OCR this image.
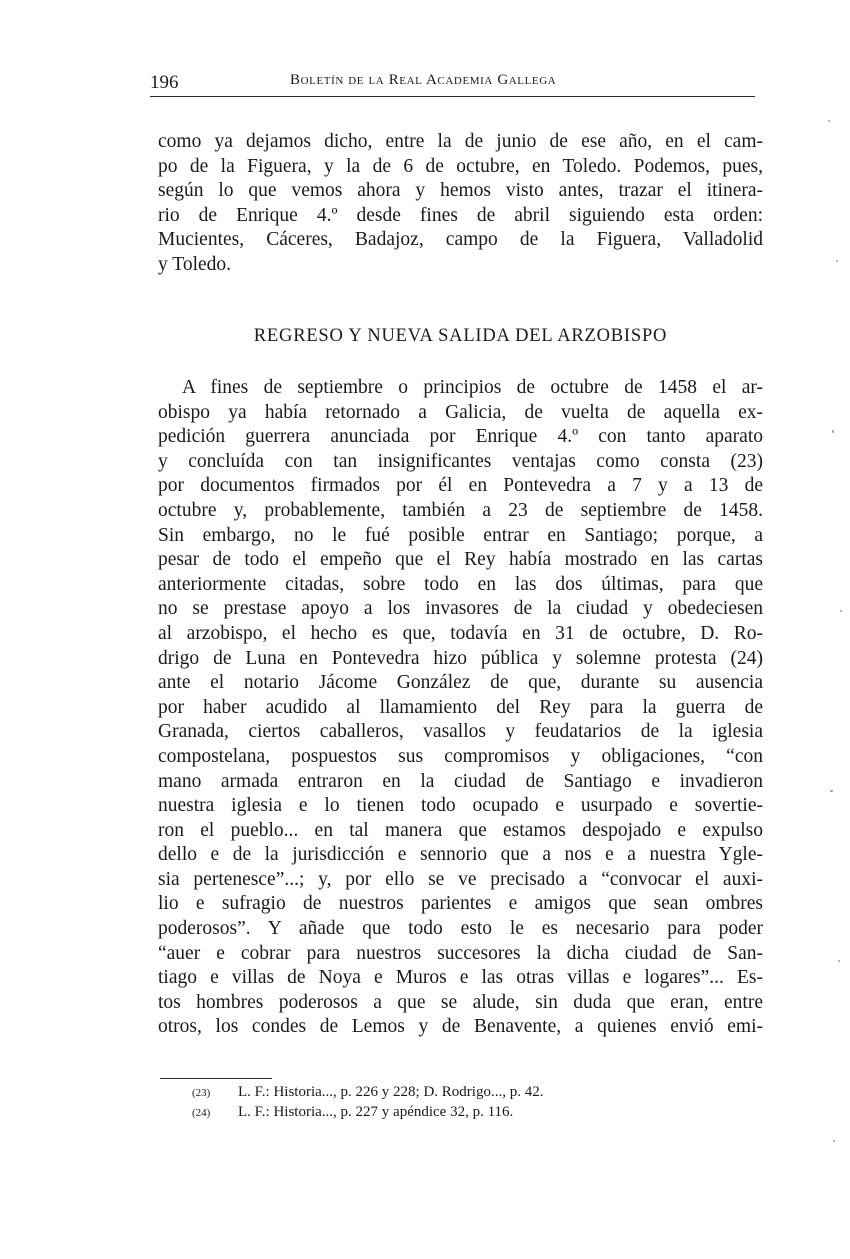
196	Boletín de la Real Academia Gallega
como ya dejamos dicho, entre la de junio de ese año, en el cam-
po de la Figuera, y la de 6 de octubre, en Toledo. Podemos, pues,
según lo que vemos ahora y hemos visto antes, trazar el itinera-
rio de Enrique 4.º desde fines de abril siguiendo esta orden:
Mucientes, Cáceres, Badajoz, campo de la Figuera, Valladolid
y Toledo.
REGRESO Y NUEVA SALIDA DEL ARZOBISPO
A fines de septiembre o principios de octubre de 1458 el ar-
obispo ya había retornado a Galicia, de vuelta de aquella ex-
pedición guerrera anunciada por Enrique 4.º con tanto aparato
y concluída con tan insignificantes ventajas como consta (23)
por documentos firmados por él en Pontevedra a 7 y a 13 de
octubre y, probablemente, también a 23 de septiembre de 1458.
Sin embargo, no le fué posible entrar en Santiago; porque, a
pesar de todo el empeño que el Rey había mostrado en las cartas
anteriormente citadas, sobre todo en las dos últimas, para que
no se prestase apoyo a los invasores de la ciudad y obedeciesen
al arzobispo, el hecho es que, todavía en 31 de octubre, D. Ro-
drigo de Luna en Pontevedra hizo pública y solemne protesta (24)
ante el notario Jácome González de que, durante su ausencia
por haber acudido al llamamiento del Rey para la guerra de
Granada, ciertos caballeros, vasallos y feudatarios de la iglesia
compostelana, pospuestos sus compromisos y obligaciones, “con
mano armada entraron en la ciudad de Santiago e invadieron
nuestra iglesia e lo tienen todo ocupado e usurpado e sovertie-
ron el pueblo... en tal manera que estamos despojado e expulso
dello e de la jurisdicción e sennorio que a nos e a nuestra Ygle-
sia pertenesce”...; y, por ello se ve precisado a “convocar el auxi-
lio e sufragio de nuestros parientes e amigos que sean ombres
poderosos”. Y añade que todo esto le es necesario para poder
“auer e cobrar para nuestros succesores la dicha ciudad de San-
tiago e villas de Noya e Muros e las otras villas e logares”... Es-
tos hombres poderosos a que se alude, sin duda que eran, entre
otros, los condes de Lemos y de Benavente, a quienes envió emi-
(23) L. F.: Historia..., p. 226 y 228; D. Rodrigo..., p. 42.
(24) L. F.: Historia..., p. 227 y apéndice 32, p. 116.
